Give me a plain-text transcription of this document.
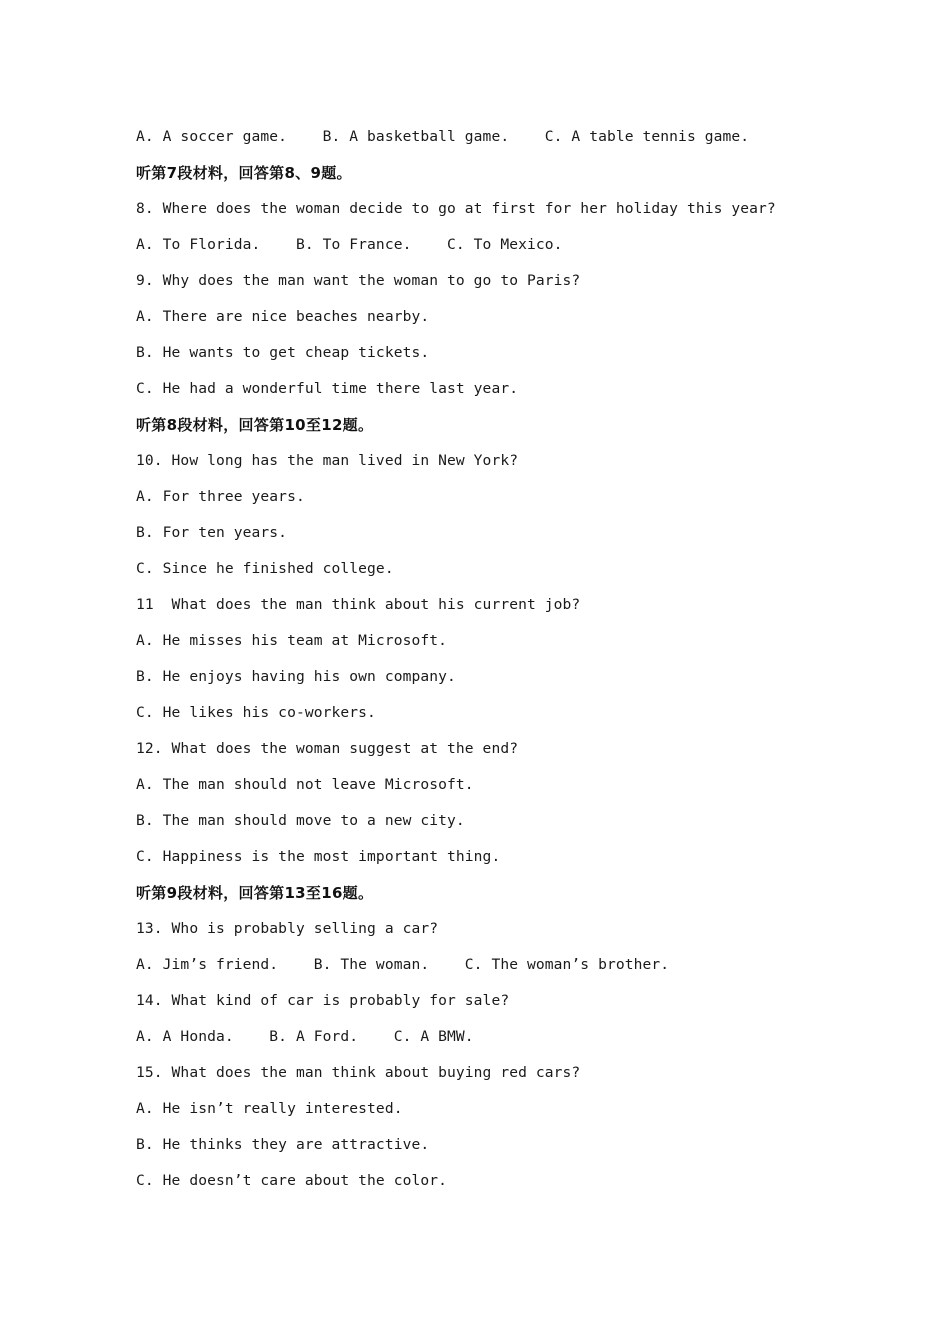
A. A soccer game.    B. A basketball game.    C. A table tennis game.
听第7段材料，回答第8、9题。
8. Where does the woman decide to go at first for her holiday this year?
A. To Florida.    B. To France.    C. To Mexico.
9. Why does the man want the woman to go to Paris?
A. There are nice beaches nearby.
B. He wants to get cheap tickets.
C. He had a wonderful time there last year.
听第8段材料，回答第10至12题。
10. How long has the man lived in New York?
A. For three years.
B. For ten years.
C. Since he finished college.
11  What does the man think about his current job?
A. He misses his team at Microsoft.
B. He enjoys having his own company.
C. He likes his co-workers.
12. What does the woman suggest at the end?
A. The man should not leave Microsoft.
B. The man should move to a new city.
C. Happiness is the most important thing.
听第9段材料，回答第13至16题。
13. Who is probably selling a car?
A. Jim’s friend.    B. The woman.    C. The woman’s brother.
14. What kind of car is probably for sale?
A. A Honda.    B. A Ford.    C. A BMW.
15. What does the man think about buying red cars?
A. He isn’t really interested.
B. He thinks they are attractive.
C. He doesn’t care about the color.
